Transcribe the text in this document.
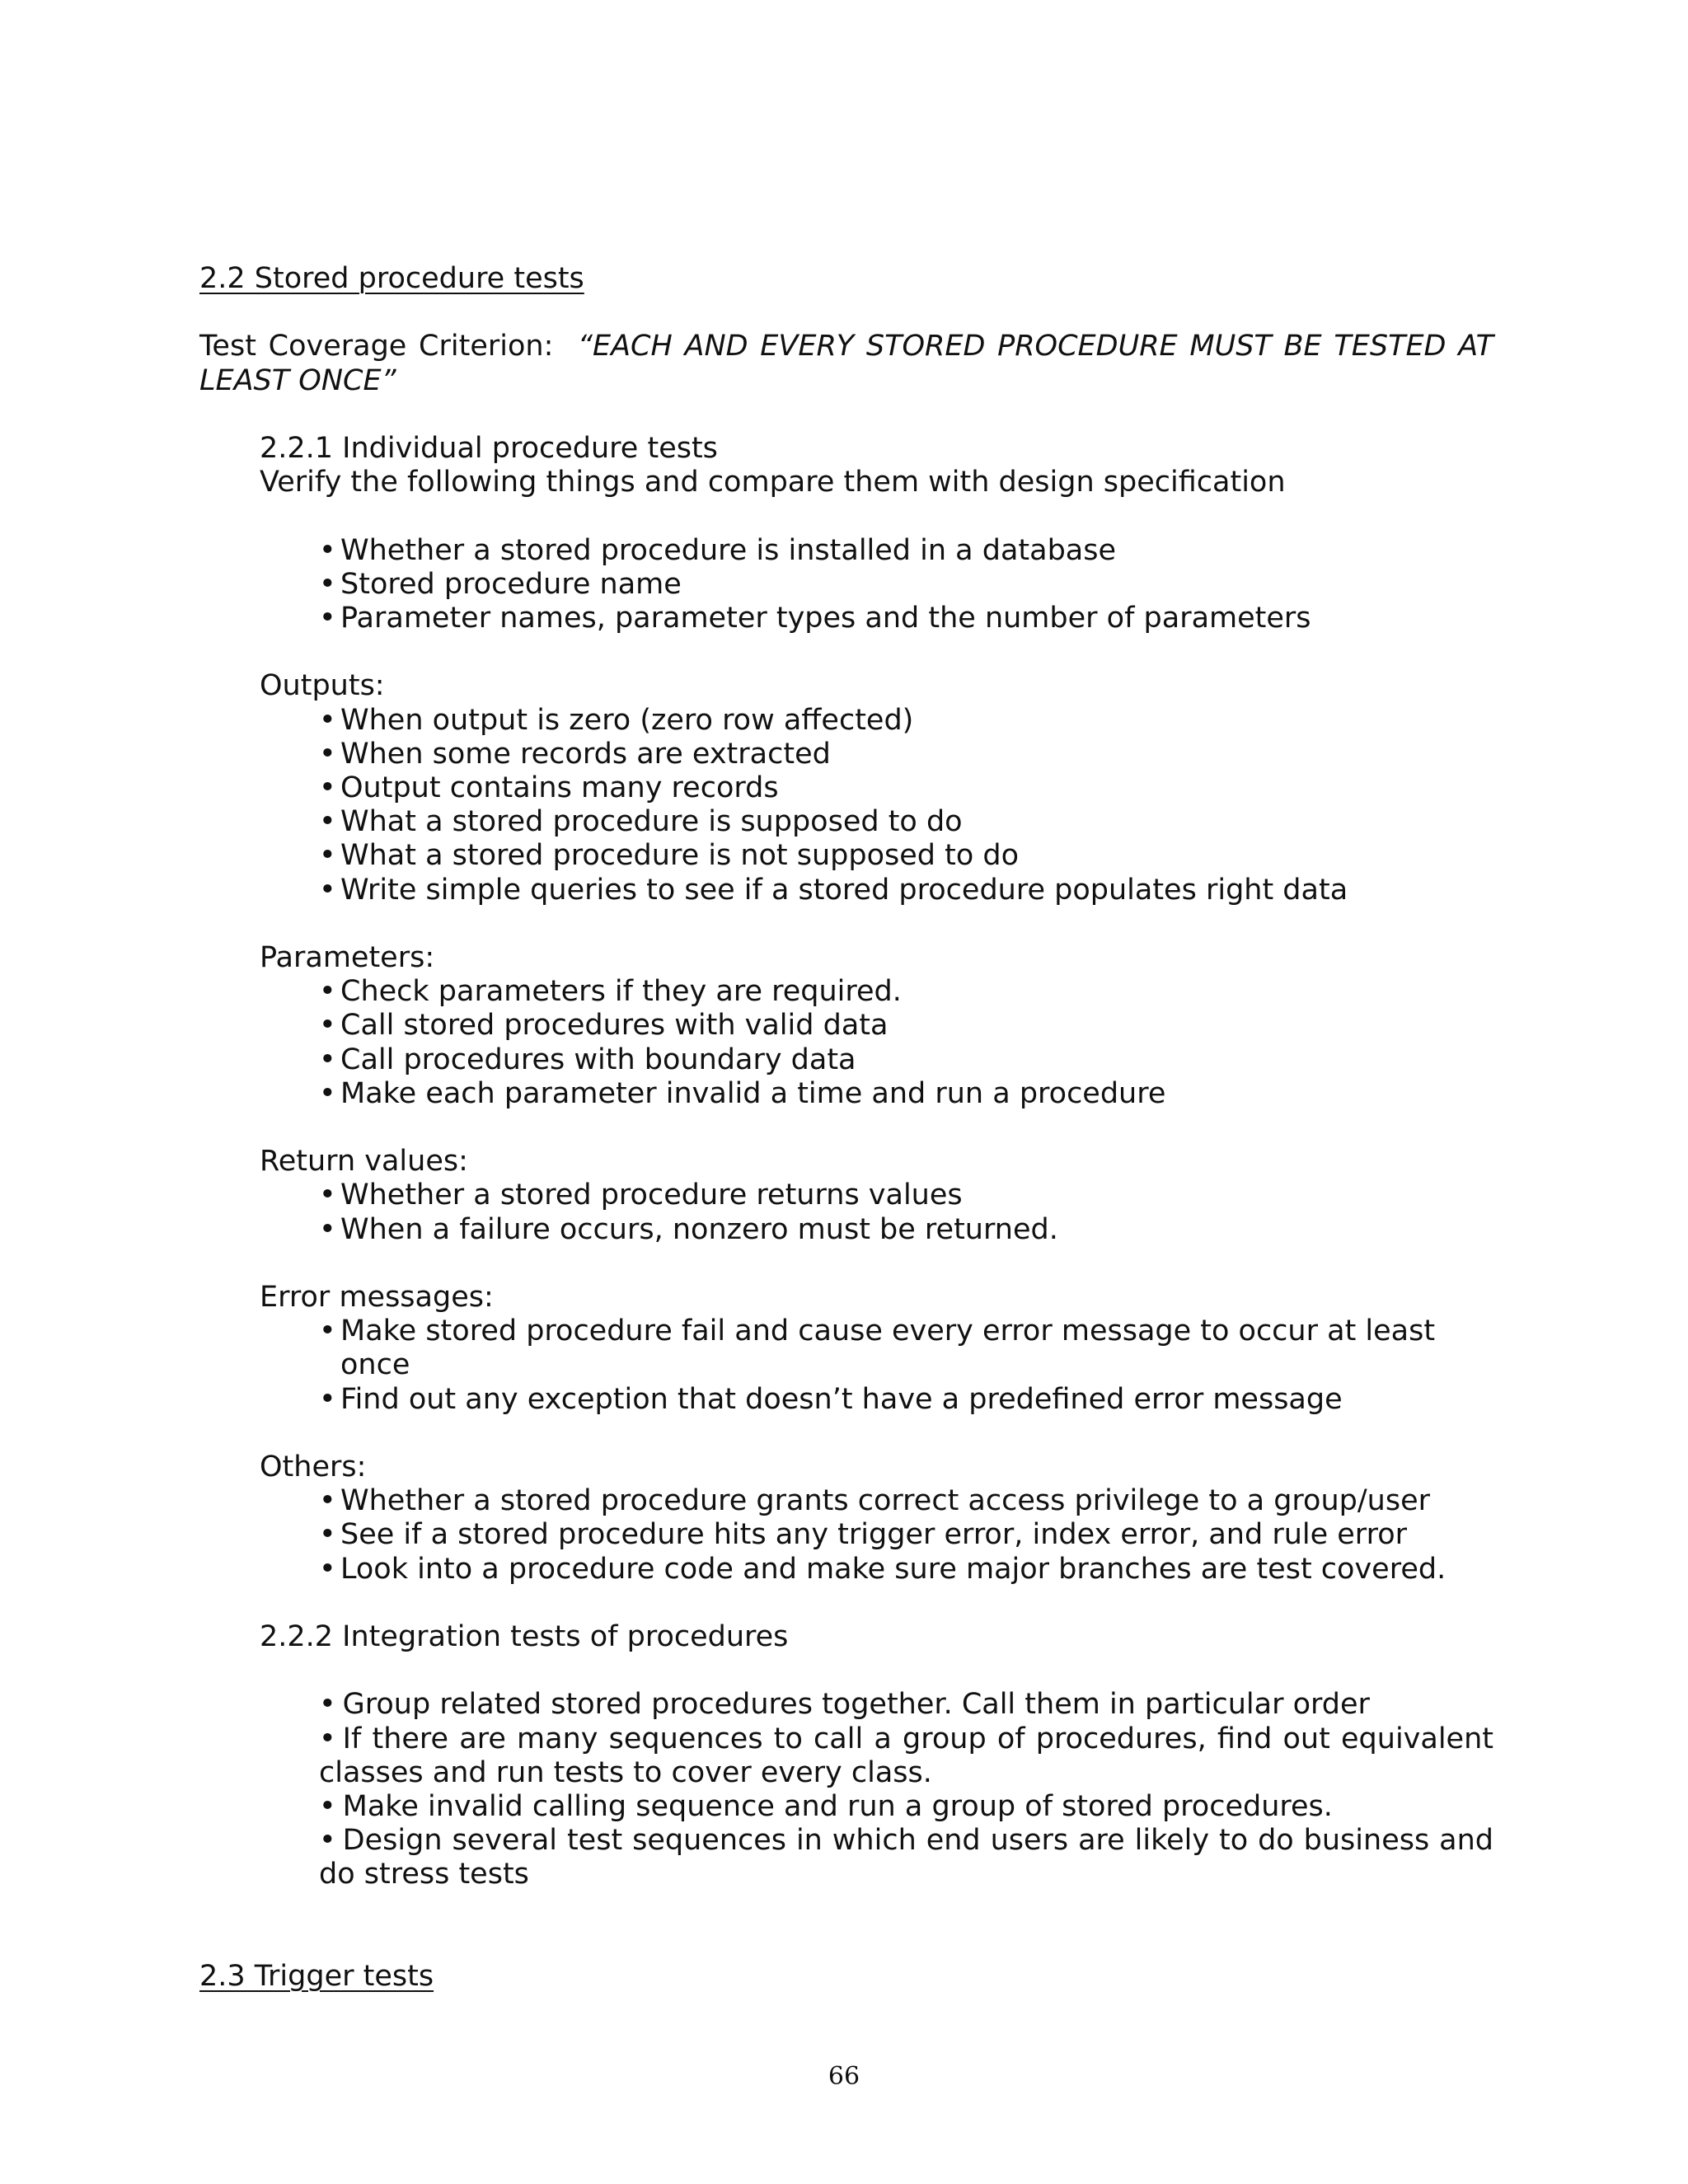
2.2 Stored procedure tests

Test Coverage Criterion: “EACH AND EVERY STORED PROCEDURE MUST BE TESTED AT LEAST ONCE”

2.2.1 Individual procedure tests

Verify the following things and compare them with design specification

• Whether a stored procedure is installed in a database
• Stored procedure name
• Parameter names, parameter types and the number of parameters

Outputs:

• When output is zero (zero row affected)
• When some records are extracted
• Output contains many records
• What a stored procedure is supposed to do
• What a stored procedure is not supposed to do
• Write simple queries to see if a stored procedure populates right data

Parameters:

• Check parameters if they are required.
• Call stored procedures with valid data
• Call procedures with boundary data
• Make each parameter invalid a time and run a procedure

Return values:

• Whether a stored procedure returns values
• When a failure occurs, nonzero must be returned.

Error messages:

• Make stored procedure fail and cause every error message to occur at least once
• Find out any exception that doesn’t have a predefined error message

Others:

• Whether a stored procedure grants correct access privilege to a group/user
• See if a stored procedure hits any trigger error, index error, and rule error
• Look into a procedure code and make sure major branches are test covered.

2.2.2 Integration tests of procedures

• Group related stored procedures together. Call them in particular order
• If there are many sequences to call a group of procedures, find out equivalent classes and run tests to cover every class.
• Make invalid calling sequence and run a group of stored procedures.
• Design several test sequences in which end users are likely to do business and do stress tests

2.3 Trigger tests

66
